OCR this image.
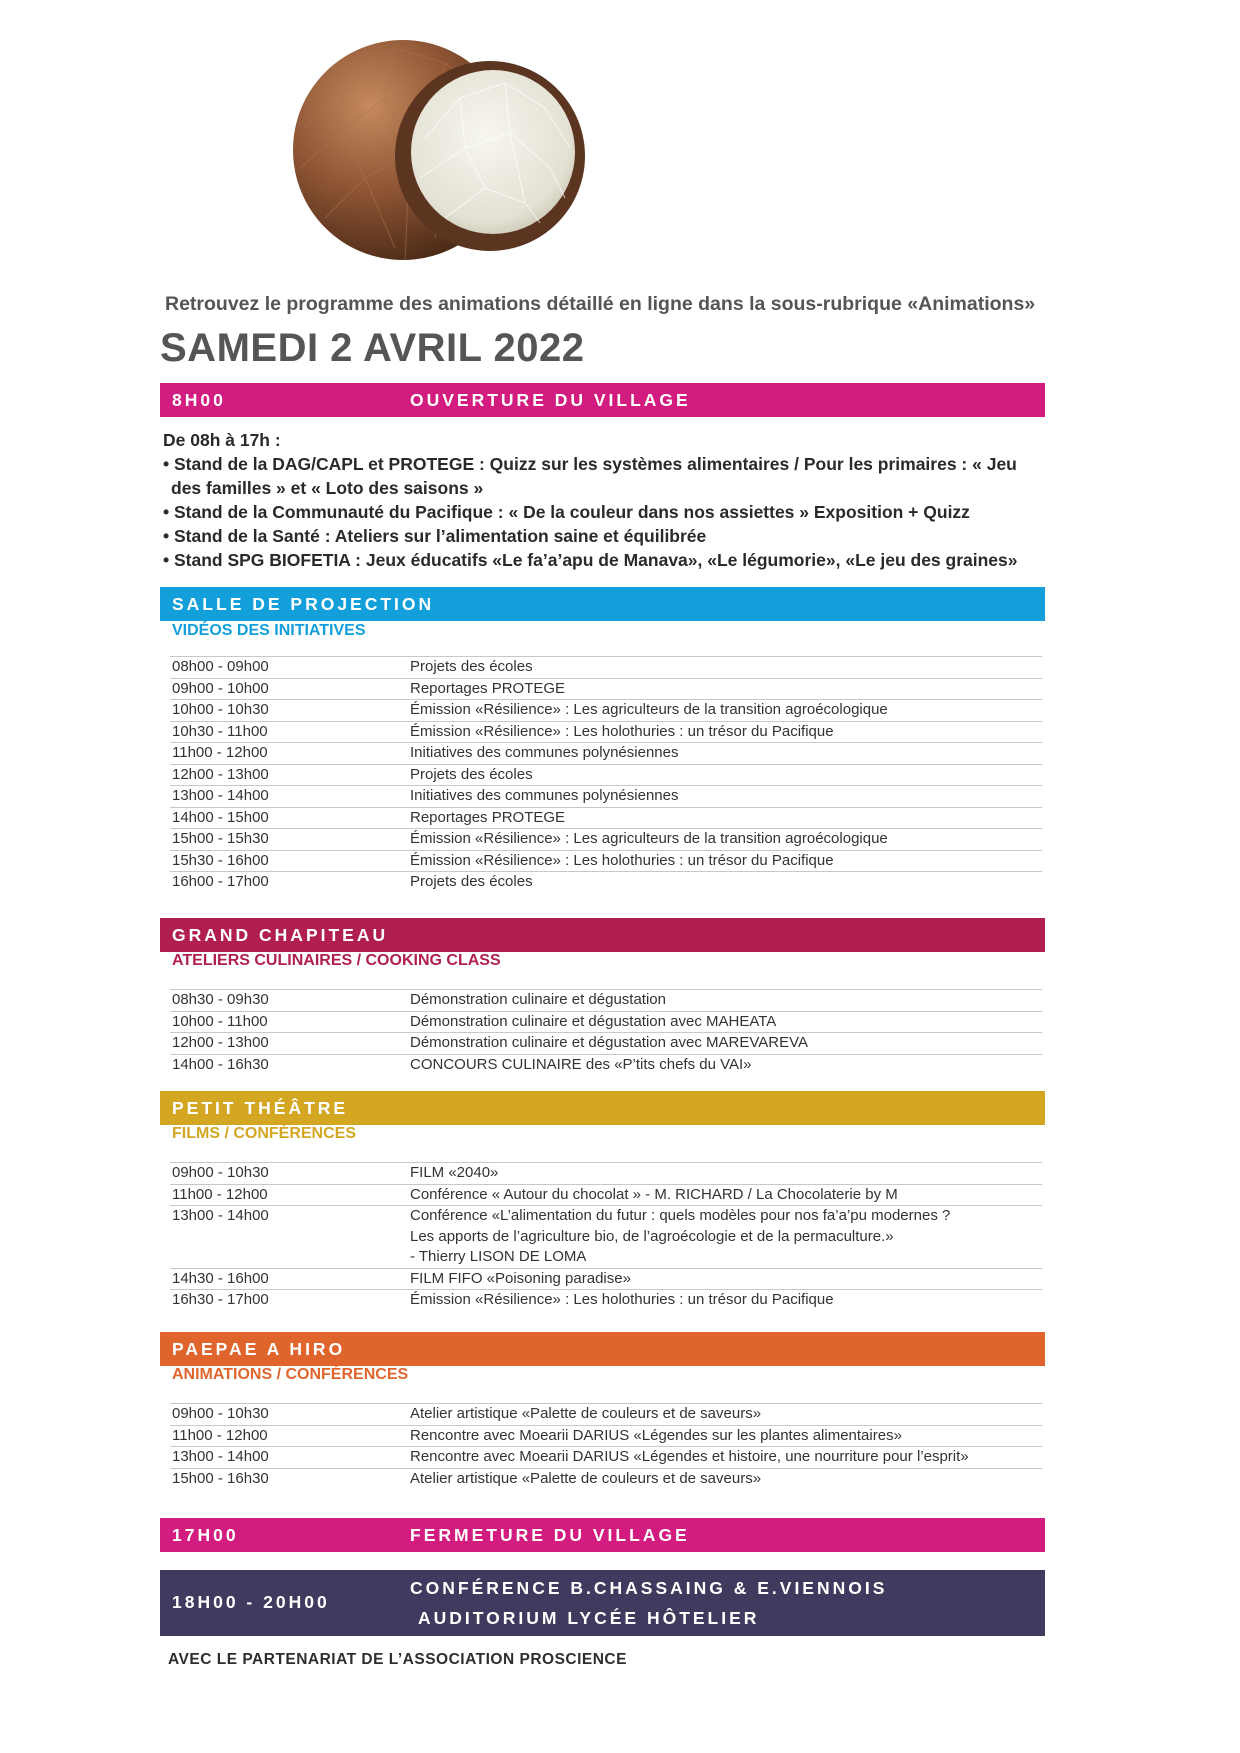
Retrouvez le programme des animations détaillé en ligne dans la sous-rubrique «Animations»
SAMEDI 2 AVRIL 2022
8H00	OUVERTURE DU VILLAGE
De 08h à 17h :
• Stand de la DAG/CAPL et PROTEGE : Quizz sur les systèmes alimentaires / Pour les primaires : « Jeu des familles » et « Loto des saisons »
• Stand de la Communauté du Pacifique : « De la couleur dans nos assiettes » Exposition + Quizz
• Stand de la Santé : Ateliers sur l’alimentation saine et équilibrée
• Stand SPG BIOFETIA : Jeux éducatifs «Le fa’a’apu de Manava», «Le légumorie», «Le jeu des graines»
SALLE DE PROJECTION
VIDÉOS DES INITIATIVES
08h00 - 09h00	Projets des écoles
09h00 - 10h00	Reportages PROTEGE
10h00 - 10h30	Émission «Résilience» : Les agriculteurs de la transition agroécologique
10h30 - 11h00	Émission «Résilience» : Les holothuries : un trésor du Pacifique
11h00 - 12h00	Initiatives des communes polynésiennes
12h00 - 13h00	Projets des écoles
13h00 - 14h00	Initiatives des communes polynésiennes
14h00 - 15h00	Reportages PROTEGE
15h00 - 15h30	Émission «Résilience» : Les agriculteurs de la transition agroécologique
15h30 - 16h00	Émission «Résilience» : Les holothuries : un trésor du Pacifique
16h00 - 17h00	Projets des écoles
GRAND CHAPITEAU
ATELIERS CULINAIRES / COOKING CLASS
08h30 - 09h30	Démonstration culinaire et dégustation
10h00 - 11h00	Démonstration culinaire et dégustation avec MAHEATA
12h00 - 13h00	Démonstration culinaire et dégustation avec MAREVAREVA
14h00 - 16h30	CONCOURS CULINAIRE des «P’tits chefs du VAI»
PETIT THÉÂTRE
FILMS / CONFÉRENCES
09h00 - 10h30	FILM «2040»
11h00 - 12h00	Conférence « Autour du chocolat » - M. RICHARD / La Chocolaterie by M
13h00 - 14h00	Conférence «L’alimentation du futur : quels modèles pour nos fa’a’pu modernes ?
Les apports de l’agriculture bio, de l’agroécologie et de la permaculture.»
- Thierry LISON DE LOMA
14h30 - 16h00	FILM FIFO «Poisoning paradise»
16h30 - 17h00	Émission «Résilience» : Les holothuries : un trésor du Pacifique
PAEPAE A HIRO
ANIMATIONS / CONFÉRENCES
09h00 - 10h30	Atelier artistique «Palette de couleurs et de saveurs»
11h00 - 12h00	Rencontre avec Moearii DARIUS «Légendes sur les plantes alimentaires»
13h00 - 14h00	Rencontre avec Moearii DARIUS «Légendes et histoire, une nourriture pour l’esprit»
15h00 - 16h30	Atelier artistique «Palette de couleurs et de saveurs»
17H00	FERMETURE DU VILLAGE
18H00 - 20H00
CONFÉRENCE B.CHASSAING & E.VIENNOIS
AUDITORIUM LYCÉE HÔTELIER
AVEC LE PARTENARIAT DE L’ASSOCIATION PROSCIENCE
